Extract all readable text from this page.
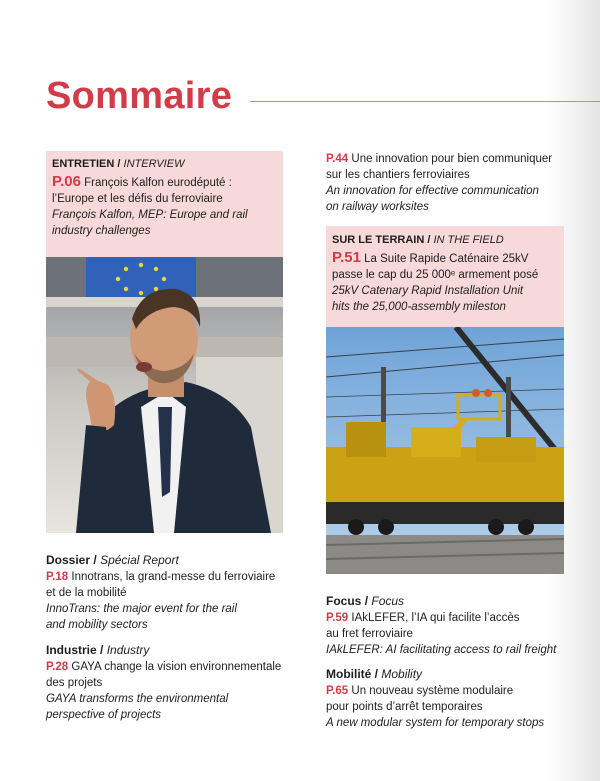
Sommaire
ENTRETIEN / INTERVIEW
P.06 François Kalfon eurodéputé :
l’Europe et les défis du ferroviaire
François Kalfon, MEP: Europe and rail
industry challenges
Dossier / Spécial Report
P.18 Innotrans, la grand-messe du ferroviaire
et de la mobilité
InnoTrans: the major event for the rail
and mobility sectors
Industrie / Industry
P.28 GAYA change la vision environnementale
des projets
GAYA transforms the environmental
perspective of projects
P.44 Une innovation pour bien communiquer
sur les chantiers ferroviaires
An innovation for effective communication
on railway worksites
SUR LE TERRAIN / IN THE FIELD
P.51 La Suite Rapide Caténaire 25kV
passe le cap du 25 000ᵉ armement posé
25kV Catenary Rapid Installation Unit
hits the 25,000-assembly mileston
Focus / Focus
P.59 IAkLEFER, l’IA qui facilite l’accès
au fret ferroviaire
IAkLEFER: AI facilitating access to rail freight
Mobilité / Mobility
P.65 Un nouveau système modulaire
pour points d’arrêt temporaires
A new modular system for temporary stops
